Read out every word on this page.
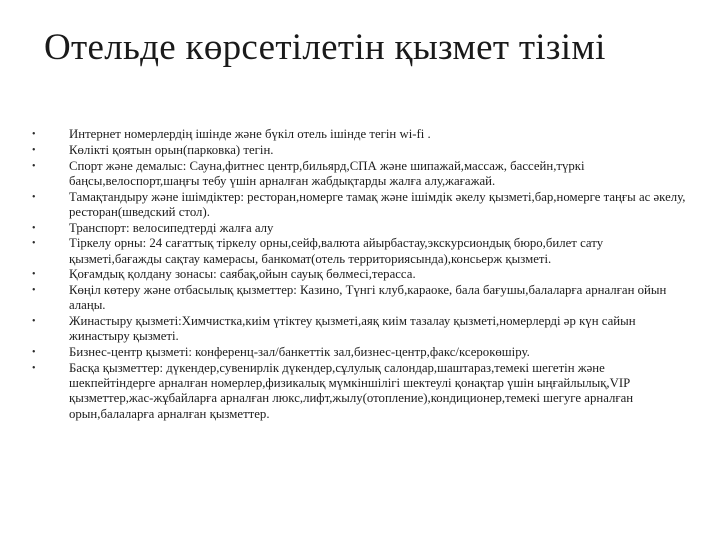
Отельде көрсетілетін қызмет тізімі
•	Интернет номерлердің ішінде және бүкіл отель ішінде тегін wi-fi .
•	Көлікті қоятын орын(парковка) тегін.
•	Спорт және демалыс: Сауна,фитнес центр,бильярд,СПА және шипажай,массаж, бассейн,түркі баңсы,велоспорт,шаңғы тебу үшін арналған жабдықтарды жалға алу,жағажай.
•	Тамақтандыру және ішімдіктер: ресторан,номерге тамақ және ішімдік әкелу қызметі,бар,номерге таңғы ас әкелу, ресторан(шведский стол).
•	Транспорт: велосипедтерді жалға алу
•	Тіркелу орны: 24 сағаттық тіркелу орны,сейф,валюта айырбастау,экскурсиондық бюро,билет сату қызметі,бағажды сақтау камерасы, банкомат(отель территориясында),консьерж қызметі.
•	Қоғамдық қолдану зонасы: саябақ,ойын сауық бөлмесі,терасса.
•	Көңіл көтеру және отбасылық қызметтер: Казино, Түнгі клуб,караоке, бала бағушы,балаларға арналған ойын алаңы.
•	Жинастыру қызметі:Химчистка,киім үтіктеу қызметі,аяқ киім тазалау қызметі,номерлерді әр күн сайын жинастыру қызметі.
•	Бизнес-центр қызметі: конференц-зал/банкеттік зал,бизнес-центр,факс/ксерокөшіру.
•	Басқа қызметтер: дүкендер,сувенирлік дүкендер,сұлулық салондар,шаштараз,темекі шегетін және шекпейтіндерге арналған номерлер,физикалық мүмкіншілігі шектеулі қонақтар үшін ыңғайлылық,VIP қызметтер,жас-жұбайларға арналған люкс,лифт,жылу(отопление),кондиционер,темекі шегуге арналған орын,балаларға арналған қызметтер.
